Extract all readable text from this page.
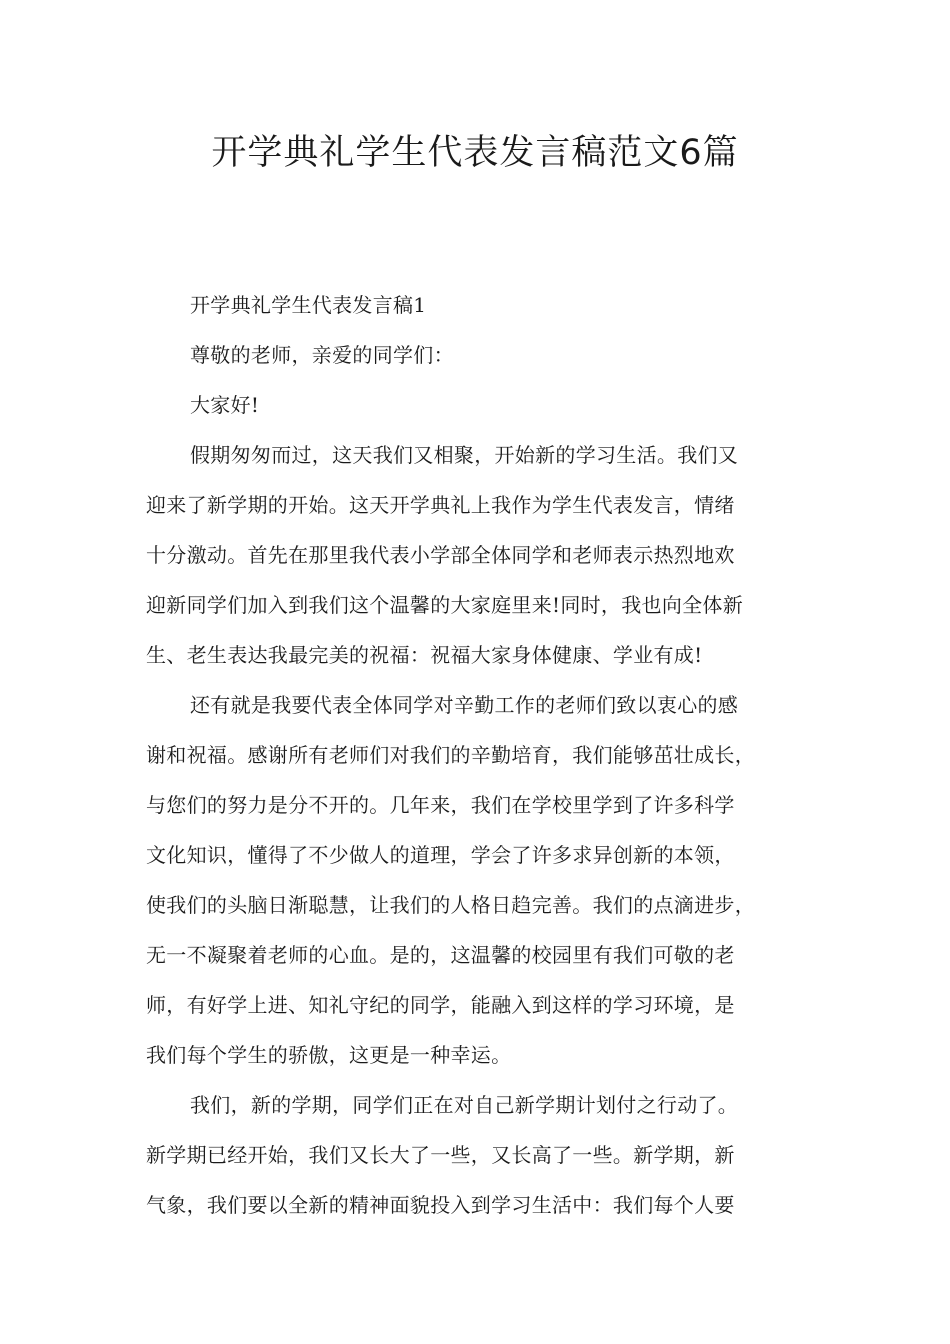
开学典礼学生代表发言稿范文6篇
开学典礼学生代表发言稿1
尊敬的老师，亲爱的同学们：
大家好!
假期匆匆而过，这天我们又相聚，开始新的学习生活。我们又
迎来了新学期的开始。这天开学典礼上我作为学生代表发言，情绪
十分激动。首先在那里我代表小学部全体同学和老师表示热烈地欢
迎新同学们加入到我们这个温馨的大家庭里来!同时，我也向全体新
生、老生表达我最完美的祝福：祝福大家身体健康、学业有成!
还有就是我要代表全体同学对辛勤工作的老师们致以衷心的感
谢和祝福。感谢所有老师们对我们的辛勤培育，我们能够茁壮成长，
与您们的努力是分不开的。几年来，我们在学校里学到了许多科学
文化知识，懂得了不少做人的道理，学会了许多求异创新的本领，
使我们的头脑日渐聪慧，让我们的人格日趋完善。我们的点滴进步，
无一不凝聚着老师的心血。是的，这温馨的校园里有我们可敬的老
师，有好学上进、知礼守纪的同学，能融入到这样的学习环境，是
我们每个学生的骄傲，这更是一种幸运。
我们，新的学期，同学们正在对自己新学期计划付之行动了。
新学期已经开始，我们又长大了一些，又长高了一些。新学期，新
气象，我们要以全新的精神面貌投入到学习生活中：我们每个人要
